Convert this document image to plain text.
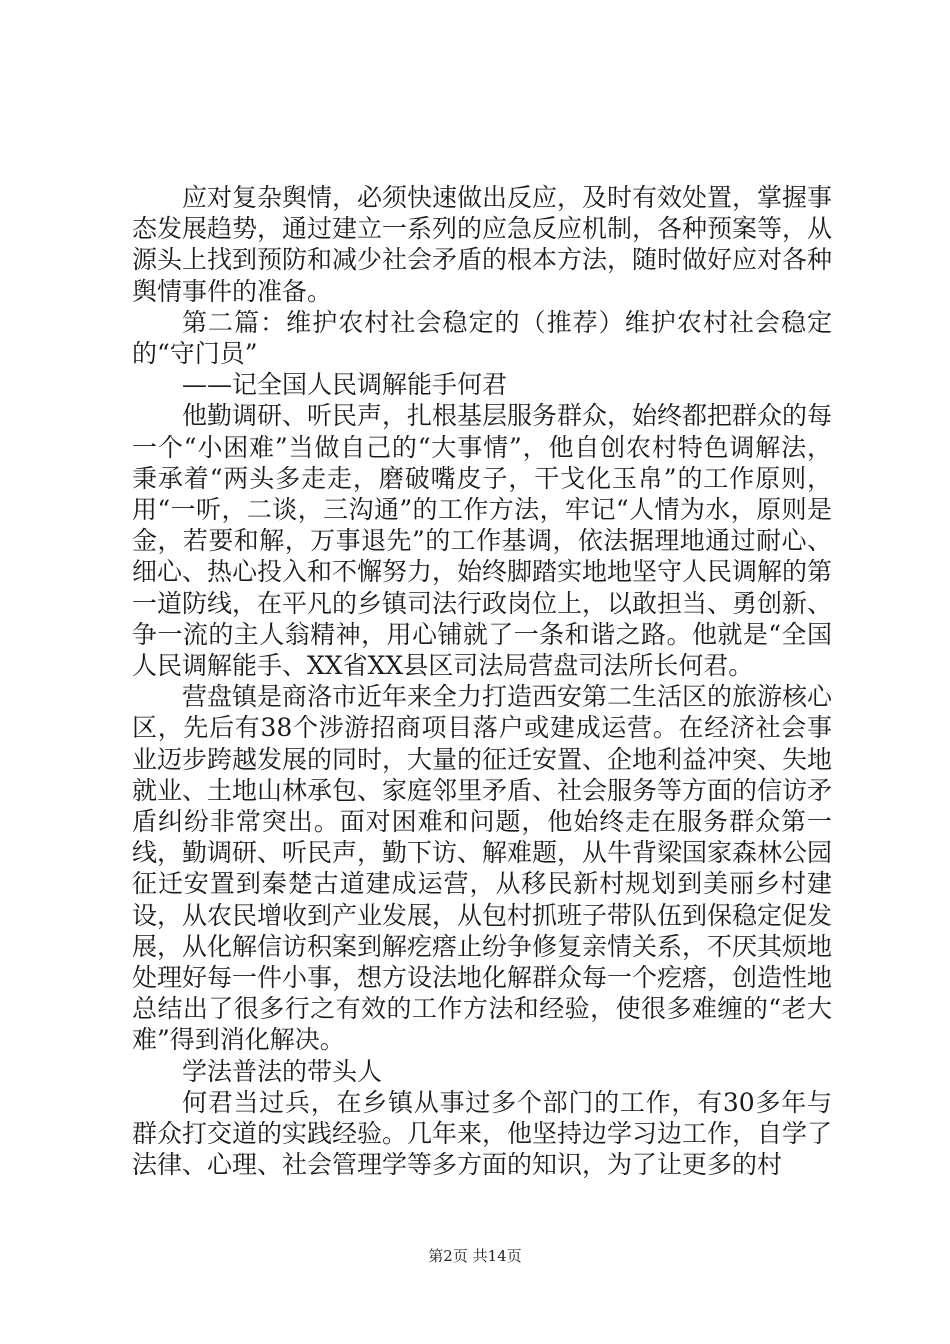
应对复杂舆情，必须快速做出反应，及时有效处置，掌握事态发展趋势，通过建立一系列的应急反应机制，各种预案等，从源头上找到预防和减少社会矛盾的根本方法，随时做好应对各种舆情事件的准备。

第二篇：维护农村社会稳定的（推荐）维护农村社会稳定的“守门员”

——记全国人民调解能手何君

他勤调研、听民声，扎根基层服务群众，始终都把群众的每一个“小困难”当做自己的“大事情”，他自创农村特色调解法，秉承着“两头多走走，磨破嘴皮子，干戈化玉帛”的工作原则，用“一听，二谈，三沟通”的工作方法，牢记“人情为水，原则是金，若要和解，万事退先”的工作基调，依法据理地通过耐心、细心、热心投入和不懈努力，始终脚踏实地地坚守人民调解的第一道防线，在平凡的乡镇司法行政岗位上，以敢担当、勇创新、争一流的主人翁精神，用心铺就了一条和谐之路。他就是“全国人民调解能手、XX省XX县区司法局营盘司法所长何君。

营盘镇是商洛市近年来全力打造西安第二生活区的旅游核心区，先后有38个涉游招商项目落户或建成运营。在经济社会事业迈步跨越发展的同时，大量的征迁安置、企地利益冲突、失地就业、土地山林承包、家庭邻里矛盾、社会服务等方面的信访矛盾纠纷非常突出。面对困难和问题，他始终走在服务群众第一线，勤调研、听民声，勤下访、解难题，从牛背梁国家森林公园征迁安置到秦楚古道建成运营，从移民新村规划到美丽乡村建设，从农民增收到产业发展，从包村抓班子带队伍到保稳定促发展，从化解信访积案到解疙瘩止纷争修复亲情关系，不厌其烦地处理好每一件小事，想方设法地化解群众每一个疙瘩，创造性地总结出了很多行之有效的工作方法和经验，使很多难缠的“老大难”得到消化解决。

学法普法的带头人

何君当过兵，在乡镇从事过多个部门的工作，有30多年与群众打交道的实践经验。几年来，他坚持边学习边工作，自学了法律、心理、社会管理学等多方面的知识，为了让更多的村

第2页 共14页
